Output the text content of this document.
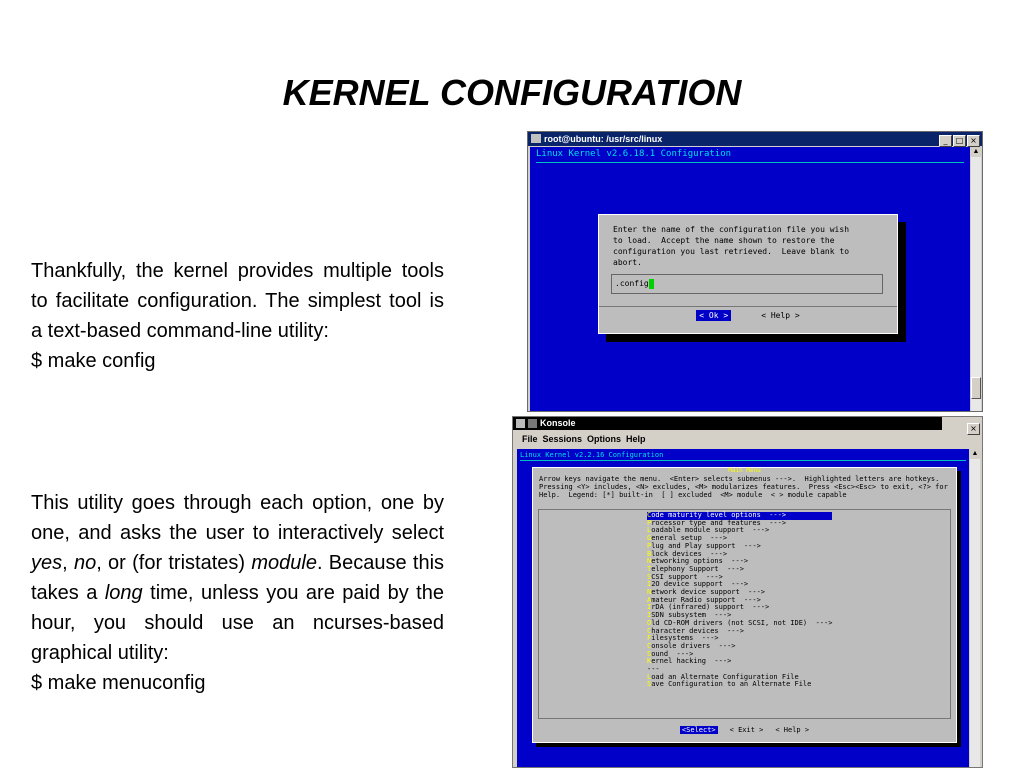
KERNEL CONFIGURATION

Thankfully, the kernel provides multiple tools to facilitate configuration. The simplest tool is a text-based command-line utility:

$ make config

This utility goes through each option, one by one, and asks the user to interactively select yes, no, or (for tristates) module. Because this takes a long time, unless you are paid by the hour, you should use an ncurses-based graphical utility:

$ make menuconfig

root@ubuntu: /usr/src/linux	_ □ ×
Linux Kernel v2.6.18.1 Configuration
Enter the name of the configuration file you wish
to load.  Accept the name shown to restore the
configuration you last retrieved.  Leave blank to
abort.
.config
< Ok >	< Help >
▲
Konsole
×
File Sessions Options Help
Linux Kernel v2.2.16 Configuration
Main Menu
Arrow keys navigate the menu.  <Enter> selects submenus --->.  Highlighted letters are hotkeys.
Pressing <Y> includes, <N> excludes, <M> modularizes features.  Press <Esc><Esc> to exit, <?> for
Help.  Legend: [*] built-in  [ ] excluded  <M> module  < > module capable
Code maturity level options  --->
Processor type and features  --->
Loadable module support  --->
General setup  --->
Plug and Play support  --->
Block devices  --->
Networking options  --->
Telephony Support  --->
SCSI support  --->
I2O device support  --->
Network device support  --->
Amateur Radio support  --->
IrDA (infrared) support  --->
ISDN subsystem  --->
Old CD-ROM drivers (not SCSI, not IDE)  --->
Character devices  --->
Filesystems  --->
Console drivers  --->
Sound  --->
Kernel hacking  --->
---
Load an Alternate Configuration File
Save Configuration to an Alternate File
<Select> < Exit > < Help >
▲
